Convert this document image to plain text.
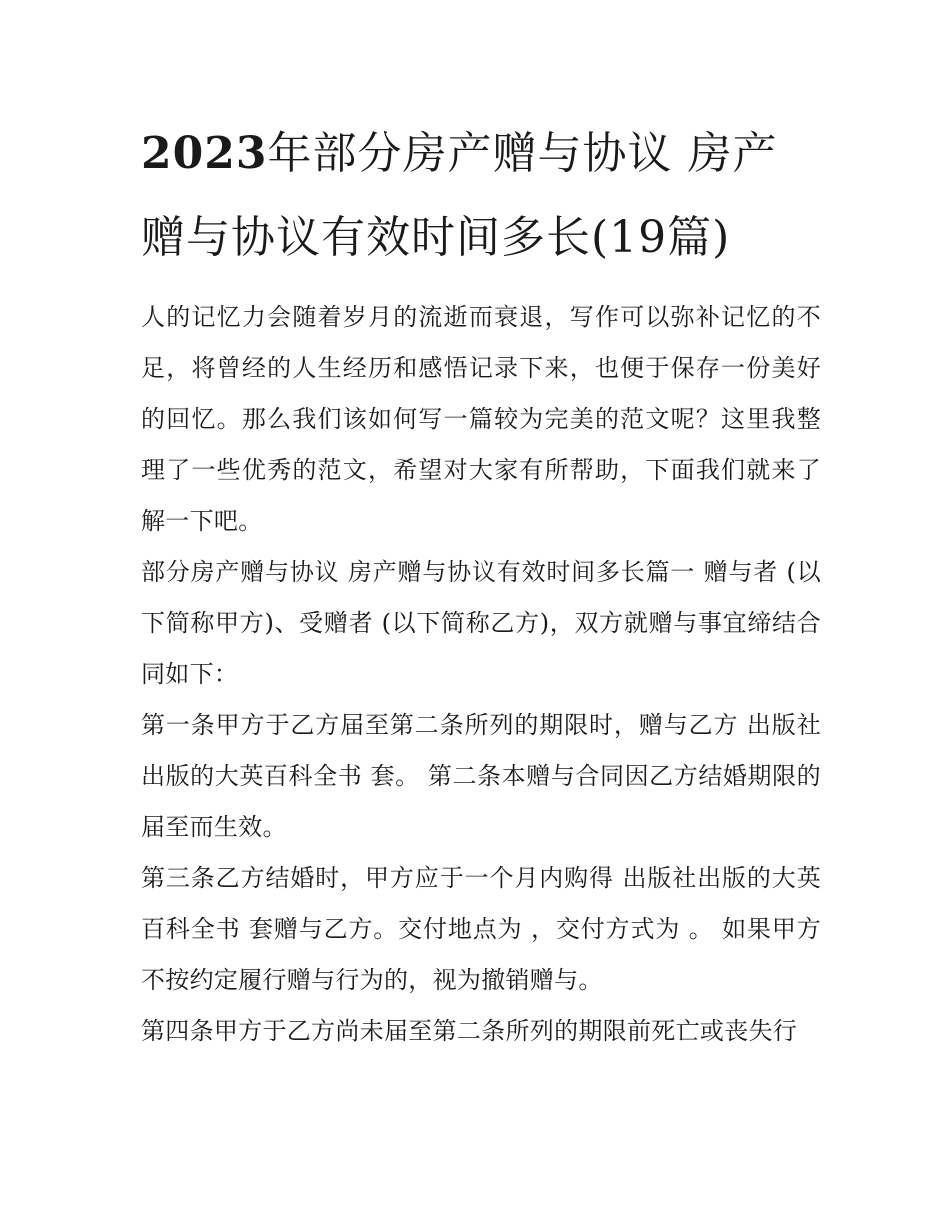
2023年部分房产赠与协议 房产赠与协议有效时间多长(19篇)

人的记忆力会随着岁月的流逝而衰退，写作可以弥补记忆的不足，将曾经的人生经历和感悟记录下来，也便于保存一份美好的回忆。那么我们该如何写一篇较为完美的范文呢？这里我整理了一些优秀的范文，希望对大家有所帮助，下面我们就来了解一下吧。

部分房产赠与协议 房产赠与协议有效时间多长篇一 赠与者 (以下简称甲方)、受赠者 (以下简称乙方)，双方就赠与事宜缔结合同如下：

第一条甲方于乙方届至第二条所列的期限时，赠与乙方 出版社出版的大英百科全书 套。 第二条本赠与合同因乙方结婚期限的届至而生效。

第三条乙方结婚时，甲方应于一个月内购得 出版社出版的大英百科全书 套赠与乙方。交付地点为 ，交付方式为 。 如果甲方不按约定履行赠与行为的，视为撤销赠与。

第四条甲方于乙方尚未届至第二条所列的期限前死亡或丧失行
